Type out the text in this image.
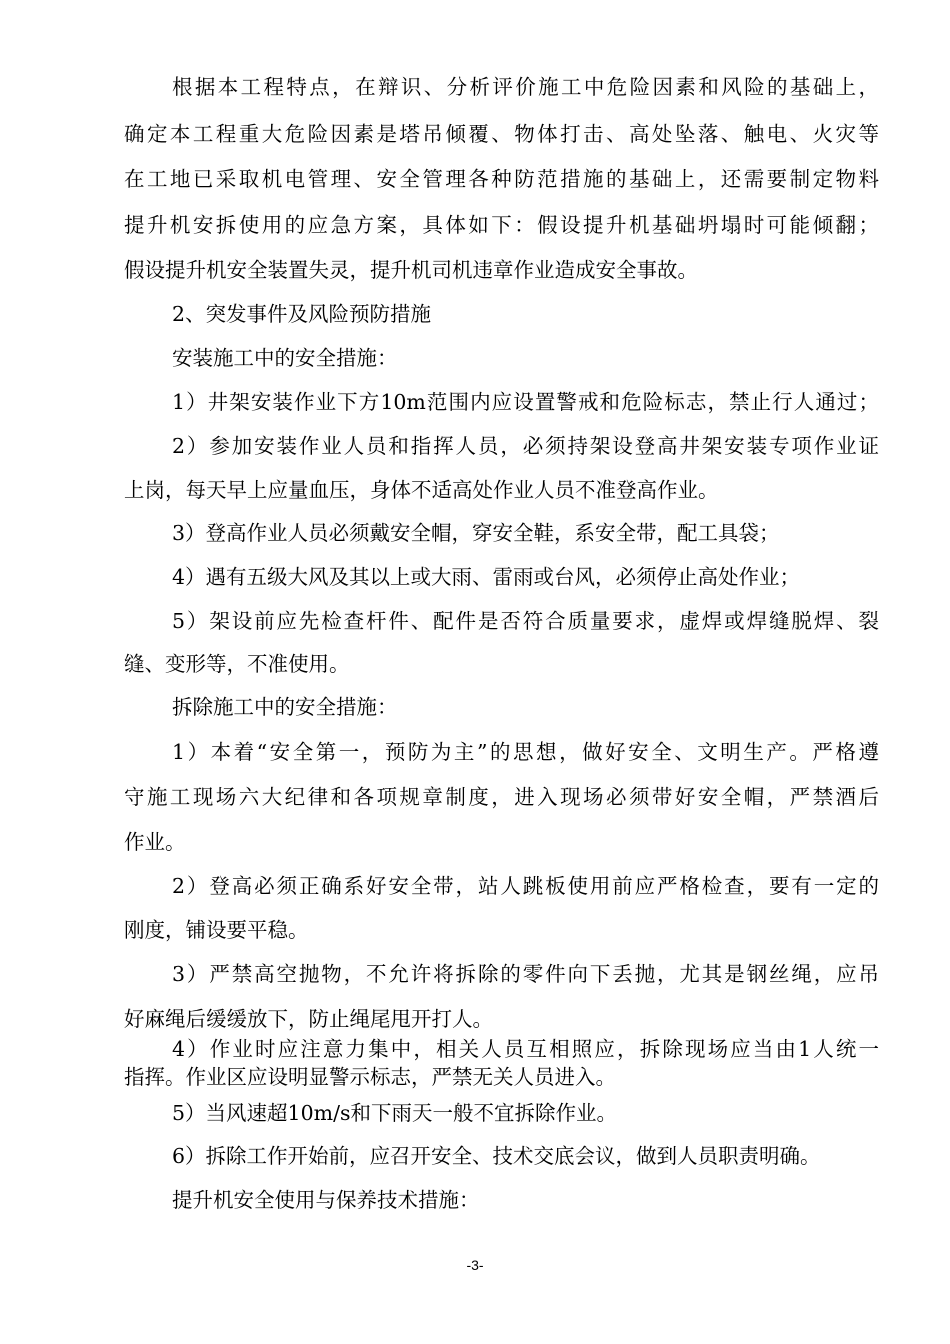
根据本工程特点，在辩识、分析评价施工中危险因素和风险的基础上，
确定本工程重大危险因素是塔吊倾覆、物体打击、高处坠落、触电、火灾等
在工地已采取机电管理、安全管理各种防范措施的基础上，还需要制定物料
提升机安拆使用的应急方案，具体如下：假设提升机基础坍塌时可能倾翻；
假设提升机安全装置失灵，提升机司机违章作业造成安全事故。
2、突发事件及风险预防措施
安装施工中的安全措施：
1）井架安装作业下方10m范围内应设置警戒和危险标志，禁止行人通过；
2）参加安装作业人员和指挥人员，必须持架设登高井架安装专项作业证
上岗，每天早上应量血压，身体不适高处作业人员不准登高作业。
3）登高作业人员必须戴安全帽，穿安全鞋，系安全带，配工具袋；
4）遇有五级大风及其以上或大雨、雷雨或台风，必须停止高处作业；
5）架设前应先检查杆件、配件是否符合质量要求，虚焊或焊缝脱焊、裂
缝、变形等，不准使用。
拆除施工中的安全措施：
1）本着“安全第一，预防为主”的思想，做好安全、文明生产。严格遵
守施工现场六大纪律和各项规章制度，进入现场必须带好安全帽，严禁酒后
作业。
2）登高必须正确系好安全带，站人跳板使用前应严格检查，要有一定的
刚度，铺设要平稳。
3）严禁高空抛物，不允许将拆除的零件向下丢抛，尤其是钢丝绳，应吊
好麻绳后缓缓放下，防止绳尾甩开打人。
4）作业时应注意力集中，相关人员互相照应，拆除现场应当由1人统一
指挥。作业区应设明显警示标志，严禁无关人员进入。
5）当风速超10m/s和下雨天一般不宜拆除作业。
6）拆除工作开始前，应召开安全、技术交底会议，做到人员职责明确。
提升机安全使用与保养技术措施：
-3-
